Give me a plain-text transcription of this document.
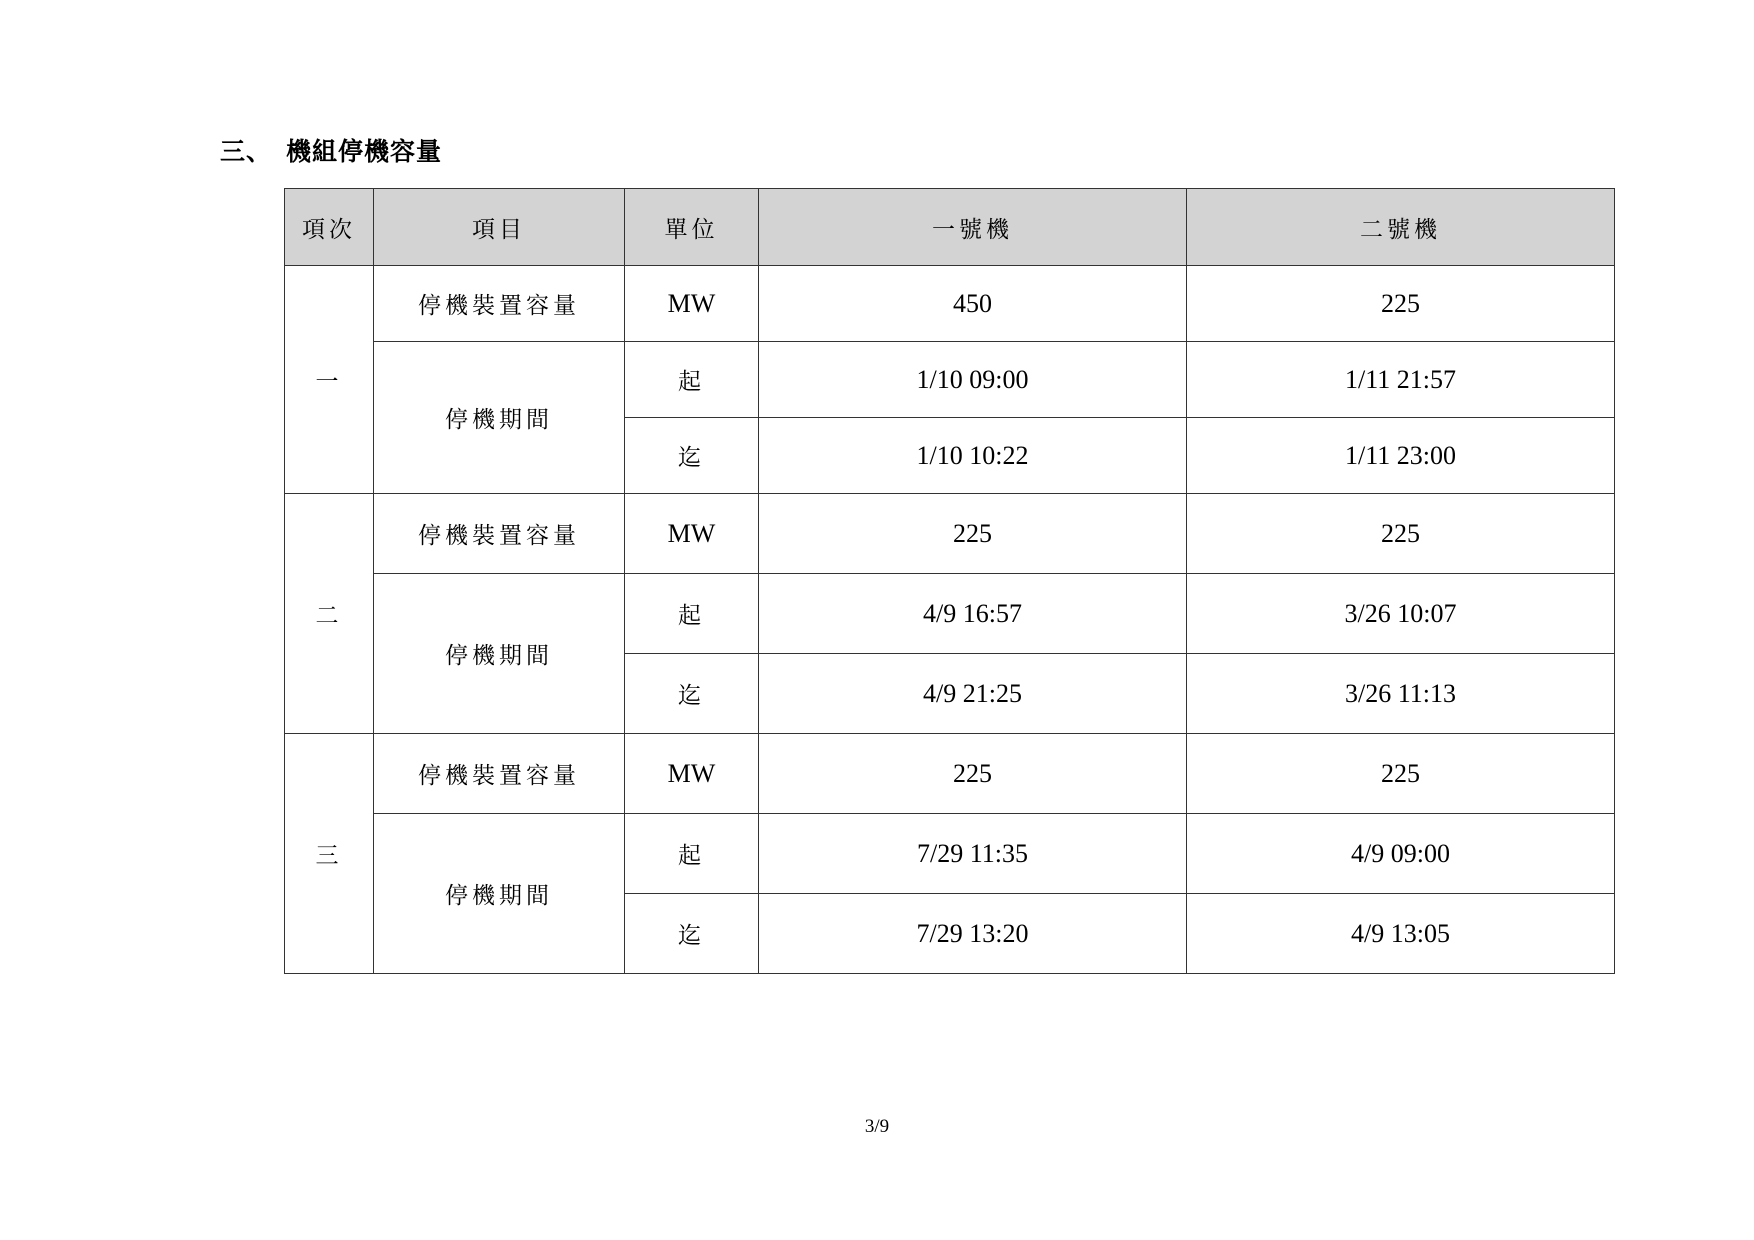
三、 機組停機容量
項次	項目	單位	一號機	二號機
一	停機裝置容量	MW	450	225
	停機期間	起	1/10 09:00	1/11 21:57
		迄	1/10 10:22	1/11 23:00
二	停機裝置容量	MW	225	225
	停機期間	起	4/9 16:57	3/26 10:07
		迄	4/9 21:25	3/26 11:13
三	停機裝置容量	MW	225	225
	停機期間	起	7/29 11:35	4/9 09:00
		迄	7/29 13:20	4/9 13:05
3/9
